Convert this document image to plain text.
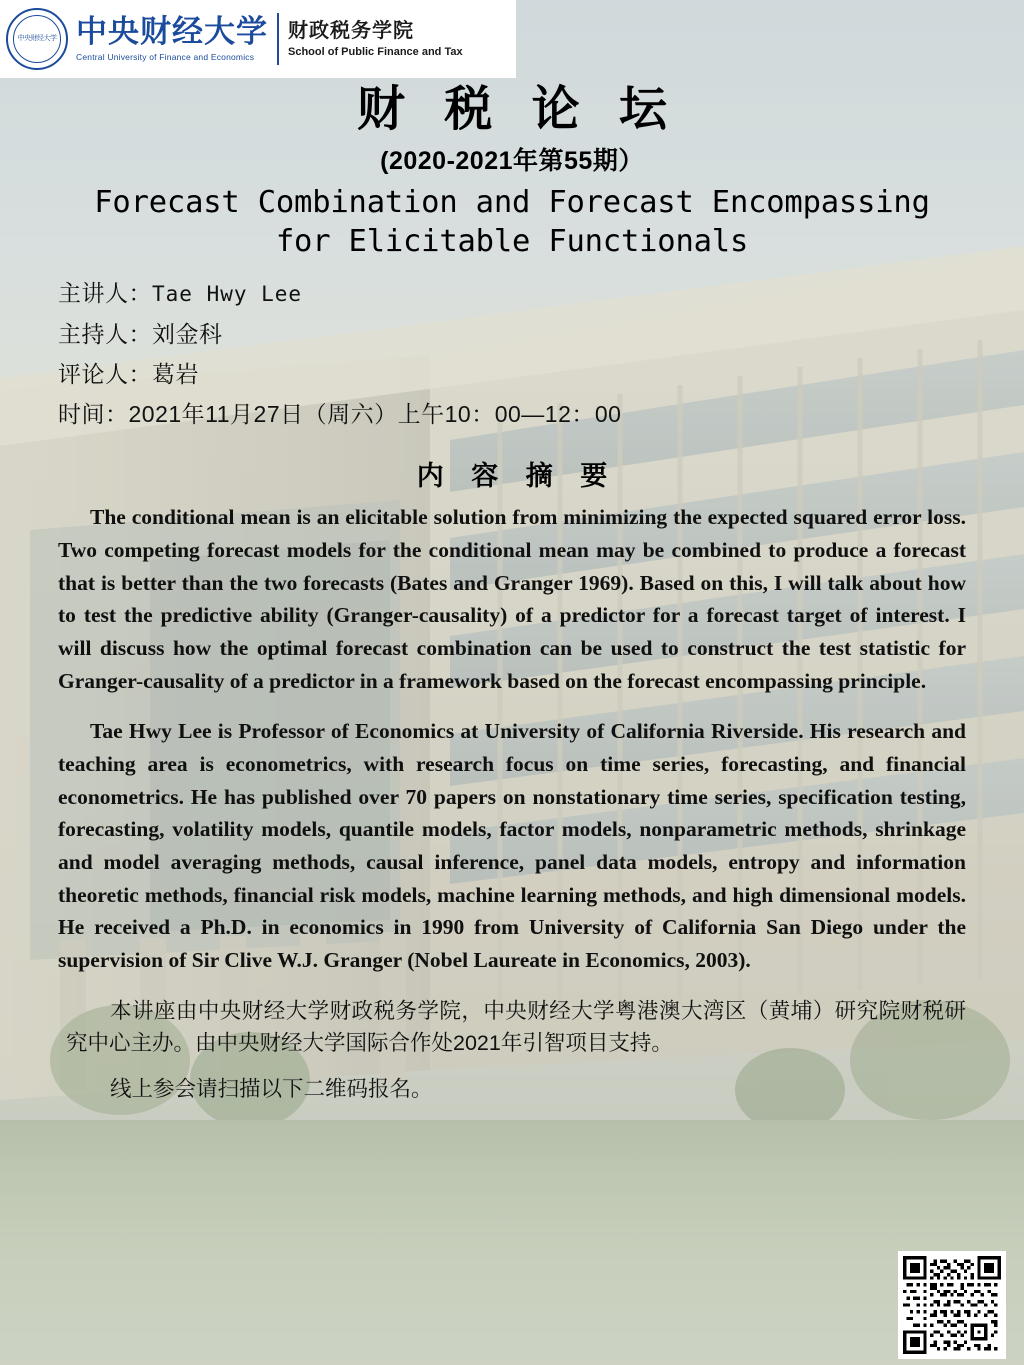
中央财经大学 中央财经大学
Central University of Finance and Economics
财政税务学院
School of Public Finance and Tax
财 税 论 坛
(2020-2021年第55期）
Forecast Combination and Forecast Encompassing
for Elicitable Functionals
主讲人：Tae Hwy Lee
主持人：刘金科
评论人：葛岩
时间：2021年11月27日（周六）上午10：00—12：00
内 容 摘 要

The conditional mean is an elicitable solution from minimizing the expected squared error loss. Two competing forecast models for the conditional mean may be combined to produce a forecast that is better than the two forecasts (Bates and Granger 1969). Based on this, I will talk about how to test the predictive ability (Granger-causality) of a predictor for a forecast target of interest. I will discuss how the optimal forecast combination can be used to construct the test statistic for Granger-causality of a predictor in a framework based on the forecast encompassing principle.

Tae Hwy Lee is Professor of Economics at University of California Riverside. His research and teaching area is econometrics, with research focus on time series, forecasting, and financial econometrics. He has published over 70 papers on nonstationary time series, specification testing, forecasting, volatility models, quantile models, factor models, nonparametric methods, shrinkage and model averaging methods, causal inference, panel data models, entropy and information theoretic methods, financial risk models, machine learning methods, and high dimensional models. He received a Ph.D. in economics in 1990 from University of California San Diego under the supervision of Sir Clive W.J. Granger (Nobel Laureate in Economics, 2003).

本讲座由中央财经大学财政税务学院，中央财经大学粤港澳大湾区（黄埔）研究院财税研究中心主办。由中央财经大学国际合作处2021年引智项目支持。

线上参会请扫描以下二维码报名。
